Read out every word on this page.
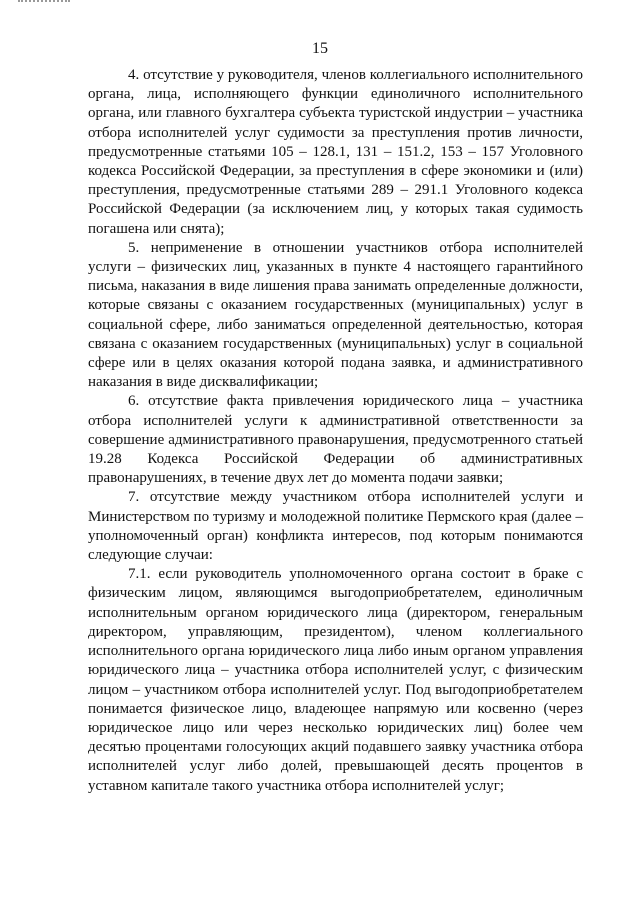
15

4. отсутствие у руководителя, членов коллегиального исполнительного органа, лица, исполняющего функции единоличного исполнительного органа, или главного бухгалтера субъекта туристской индустрии – участника отбора исполнителей услуг судимости за преступления против личности, предусмотренные статьями 105 – 128.1, 131 – 151.2, 153 – 157 Уголовного кодекса Российской Федерации, за преступления в сфере экономики и (или) преступления, предусмотренные статьями 289 – 291.1 Уголовного кодекса Российской Федерации (за исключением лиц, у которых такая судимость погашена или снята);

5. неприменение в отношении участников отбора исполнителей услуги – физических лиц, указанных в пункте 4 настоящего гарантийного письма, наказания в виде лишения права занимать определенные должности, которые связаны с оказанием государственных (муниципальных) услуг в социальной сфере, либо заниматься определенной деятельностью, которая связана с оказанием государственных (муниципальных) услуг в социальной сфере или в целях оказания которой подана заявка, и административного наказания в виде дисквалификации;

6. отсутствие факта привлечения юридического лица – участника отбора исполнителей услуги к административной ответственности за совершение административного правонарушения, предусмотренного статьей 19.28 Кодекса Российской Федерации об административных правонарушениях, в течение двух лет до момента подачи заявки;

7. отсутствие между участником отбора исполнителей услуги и Министерством по туризму и молодежной политике Пермского края (далее – уполномоченный орган) конфликта интересов, под которым понимаются следующие случаи:

7.1. если руководитель уполномоченного органа состоит в браке с физическим лицом, являющимся выгодоприобретателем, единоличным исполнительным органом юридического лица (директором, генеральным директором, управляющим, президентом), членом коллегиального исполнительного органа юридического лица либо иным органом управления юридического лица – участника отбора исполнителей услуг, с физическим лицом – участником отбора исполнителей услуг. Под выгодоприобретателем понимается физическое лицо, владеющее напрямую или косвенно (через юридическое лицо или через несколько юридических лиц) более чем десятью процентами голосующих акций подавшего заявку участника отбора исполнителей услуг либо долей, превышающей десять процентов в уставном капитале такого участника отбора исполнителей услуг;
